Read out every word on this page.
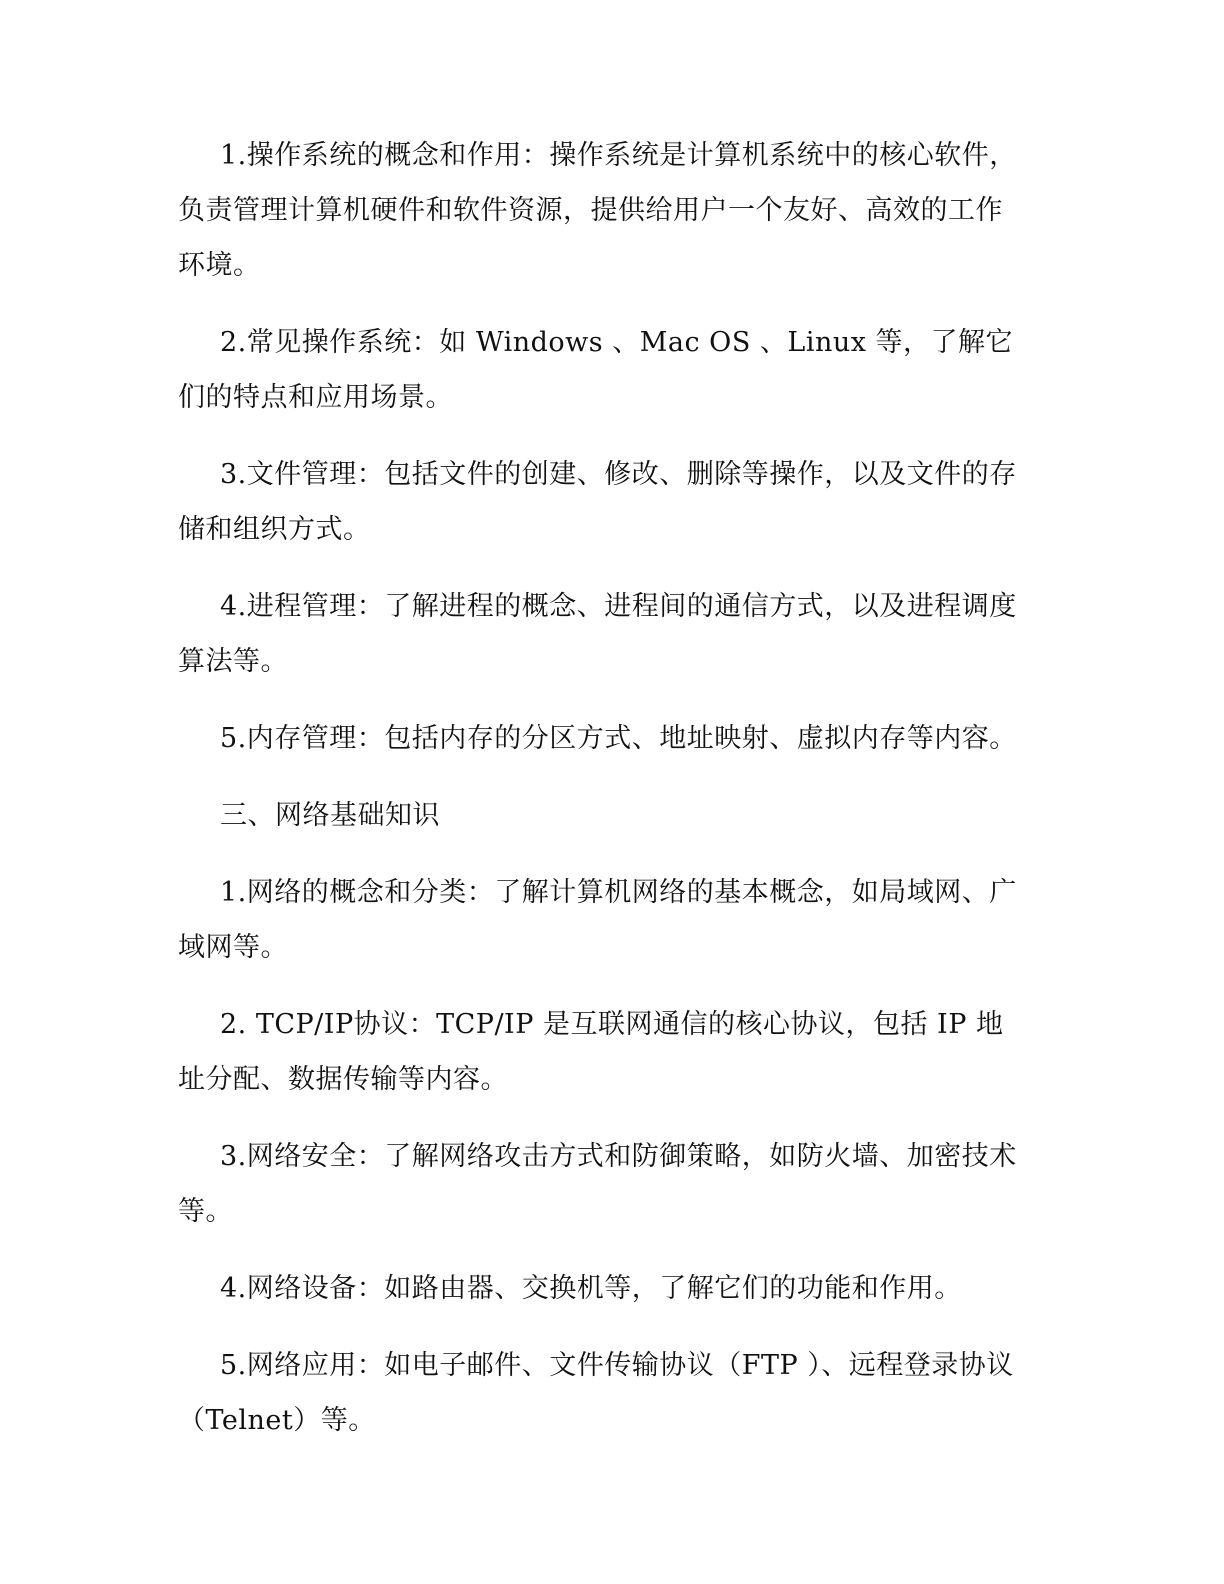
1.操作系统的概念和作用：操作系统是计算机系统中的核心软件，负责管理计算机硬件和软件资源，提供给用户一个友好、高效的工作环境。

2.常见操作系统：如 Windows 、Mac OS 、Linux 等，了解它们的特点和应用场景。

3.文件管理：包括文件的创建、修改、删除等操作，以及文件的存储和组织方式。

4.进程管理：了解进程的概念、进程间的通信方式，以及进程调度算法等。

5.内存管理：包括内存的分区方式、地址映射、虚拟内存等内容。

三、网络基础知识

1.网络的概念和分类：了解计算机网络的基本概念，如局域网、广域网等。

2. TCP/IP协议：TCP/IP 是互联网通信的核心协议，包括 IP 地址分配、数据传输等内容。

3.网络安全：了解网络攻击方式和防御策略，如防火墙、加密技术等。

4.网络设备：如路由器、交换机等，了解它们的功能和作用。

5.网络应用：如电子邮件、文件传输协议（FTP ）、远程登录协议（Telnet）等。
